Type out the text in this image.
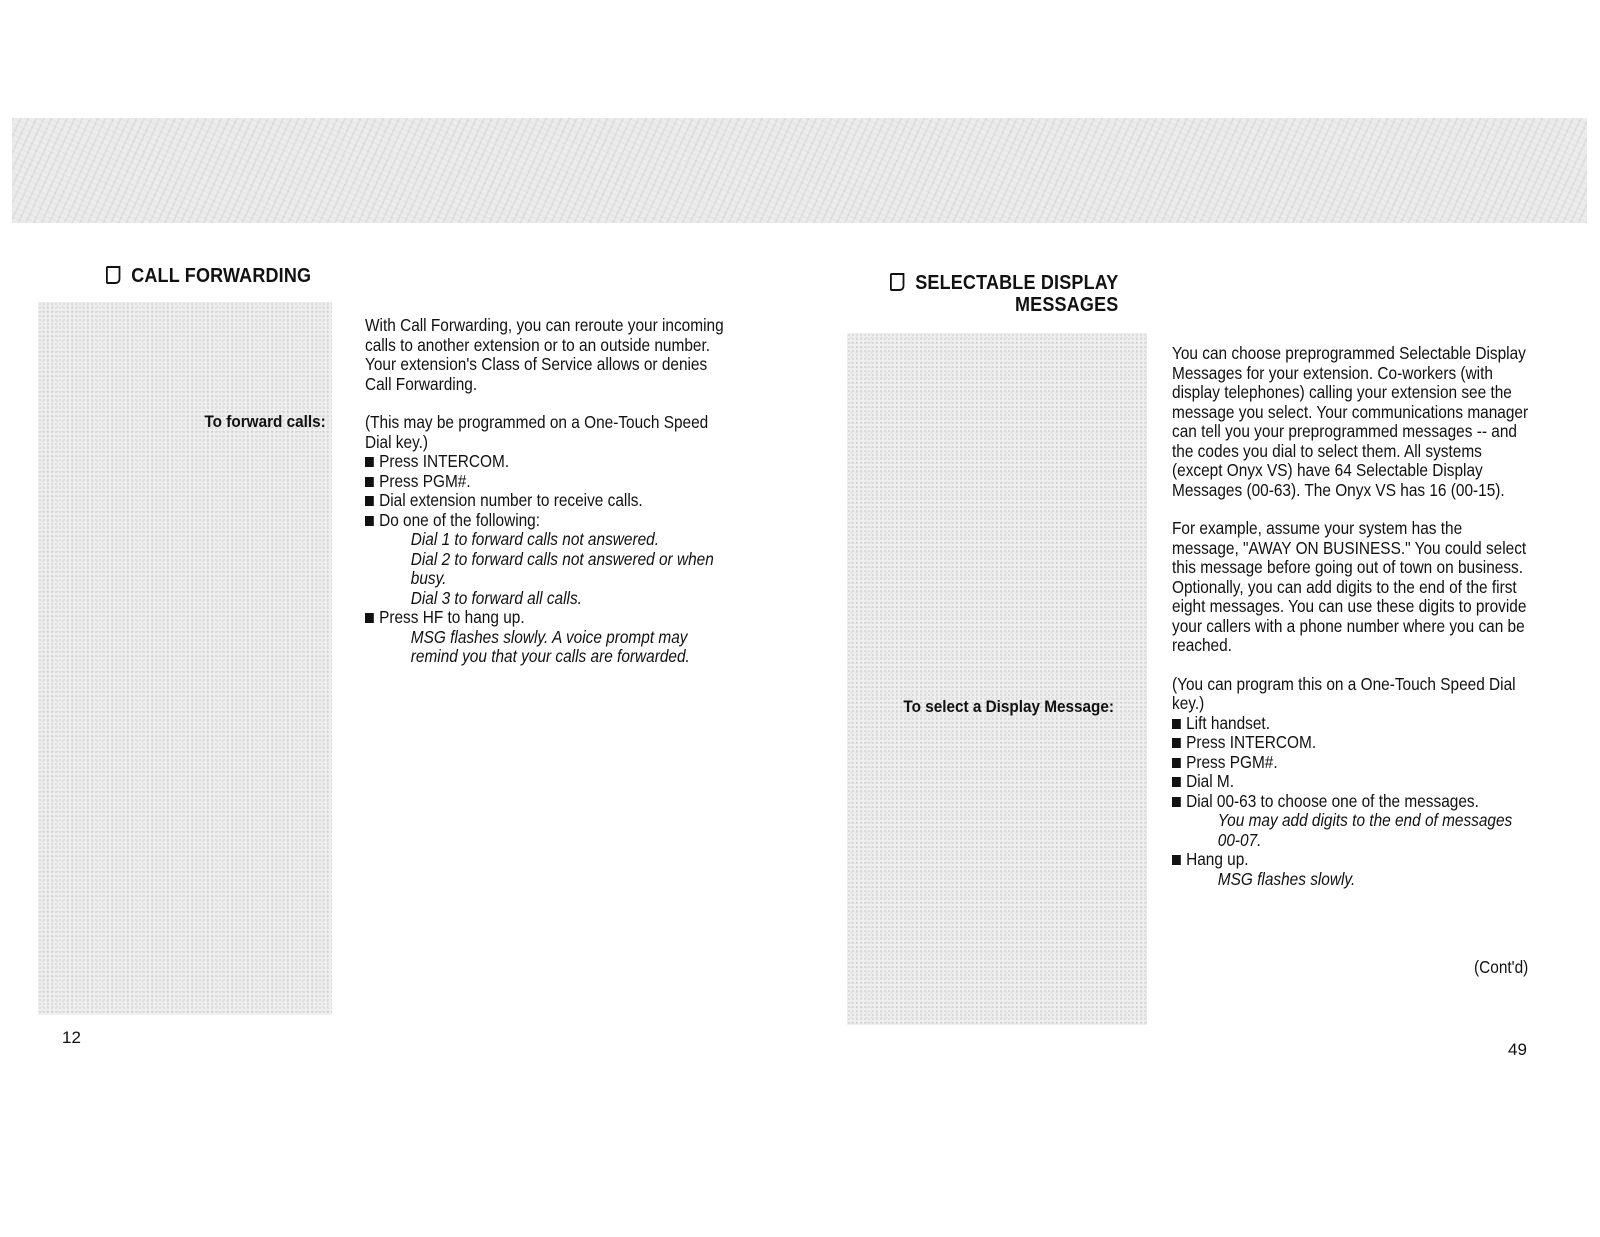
CALL FORWARDING
To forward calls:

With Call Forwarding, you can reroute your incoming calls to another extension or to an outside number. Your extension's Class of Service allows or denies Call Forwarding.

(This may be programmed on a One-Touch Speed Dial key.)

Press INTERCOM.

Press PGM#.

Dial extension number to receive calls.

Do one of the following:

Dial 1 to forward calls not answered.

Dial 2 to forward calls not answered or when busy.

Dial 3 to forward all calls.

Press HF to hang up.

MSG flashes slowly. A voice prompt may remind you that your calls are forwarded.

12
SELECTABLE DISPLAY
MESSAGES
To select a Display Message:

You can choose preprogrammed Selectable Display Messages for your extension. Co-workers (with display telephones) calling your extension see the message you select. Your communications manager can tell you your preprogrammed messages -- and the codes you dial to select them. All systems (except Onyx VS) have 64 Selectable Display Messages (00-63). The Onyx VS has 16 (00-15).

For example, assume your system has the message, "AWAY ON BUSINESS." You could select this message before going out of town on business. Optionally, you can add digits to the end of the first eight messages. You can use these digits to provide your callers with a phone number where you can be reached.

(You can program this on a One-Touch Speed Dial key.)

Lift handset.

Press INTERCOM.

Press PGM#.

Dial M.

Dial 00-63 to choose one of the messages.

You may add digits to the end of messages 00-07.

Hang up.

MSG flashes slowly.

(Cont'd)
49
